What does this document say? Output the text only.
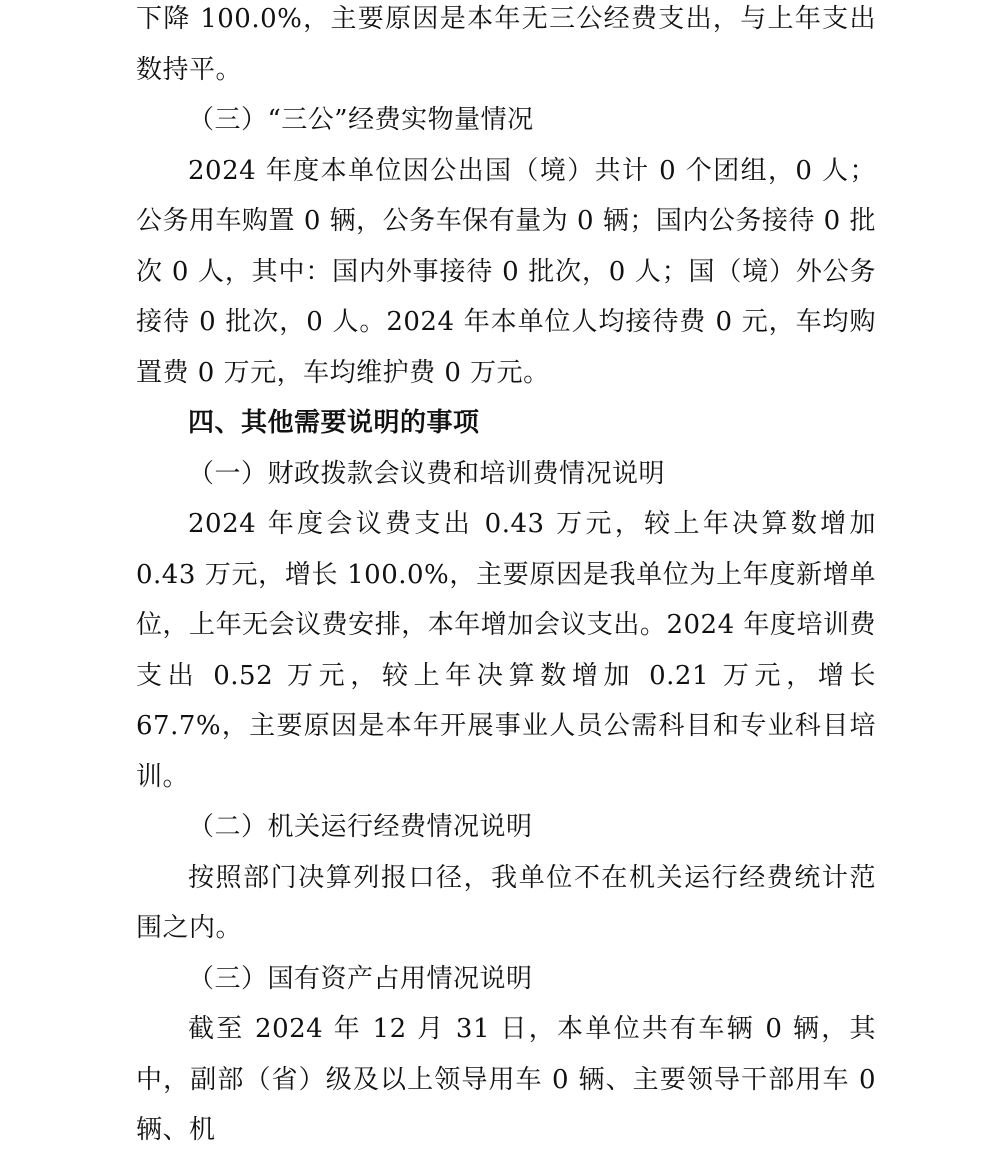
下降 100.0%，主要原因是本年无三公经费支出，与上年支出数持平。

（三）“三公”经费实物量情况

2024 年度本单位因公出国（境）共计 0 个团组，0 人；公务用车购置 0 辆，公务车保有量为 0 辆；国内公务接待 0 批次 0 人，其中：国内外事接待 0 批次，0 人；国（境）外公务接待 0 批次，0 人。2024 年本单位人均接待费 0 元，车均购置费 0 万元，车均维护费 0 万元。

四、其他需要说明的事项

（一）财政拨款会议费和培训费情况说明

2024 年度会议费支出 0.43 万元，较上年决算数增加 0.43 万元，增长 100.0%，主要原因是我单位为上年度新增单位，上年无会议费安排，本年增加会议支出。2024 年度培训费支出 0.52 万元，较上年决算数增加 0.21 万元，增长 67.7%，主要原因是本年开展事业人员公需科目和专业科目培训。

（二）机关运行经费情况说明

按照部门决算列报口径，我单位不在机关运行经费统计范围之内。

（三）国有资产占用情况说明

截至 2024 年 12 月 31 日，本单位共有车辆 0 辆，其中，副部（省）级及以上领导用车 0 辆、主要领导干部用车 0 辆、机
